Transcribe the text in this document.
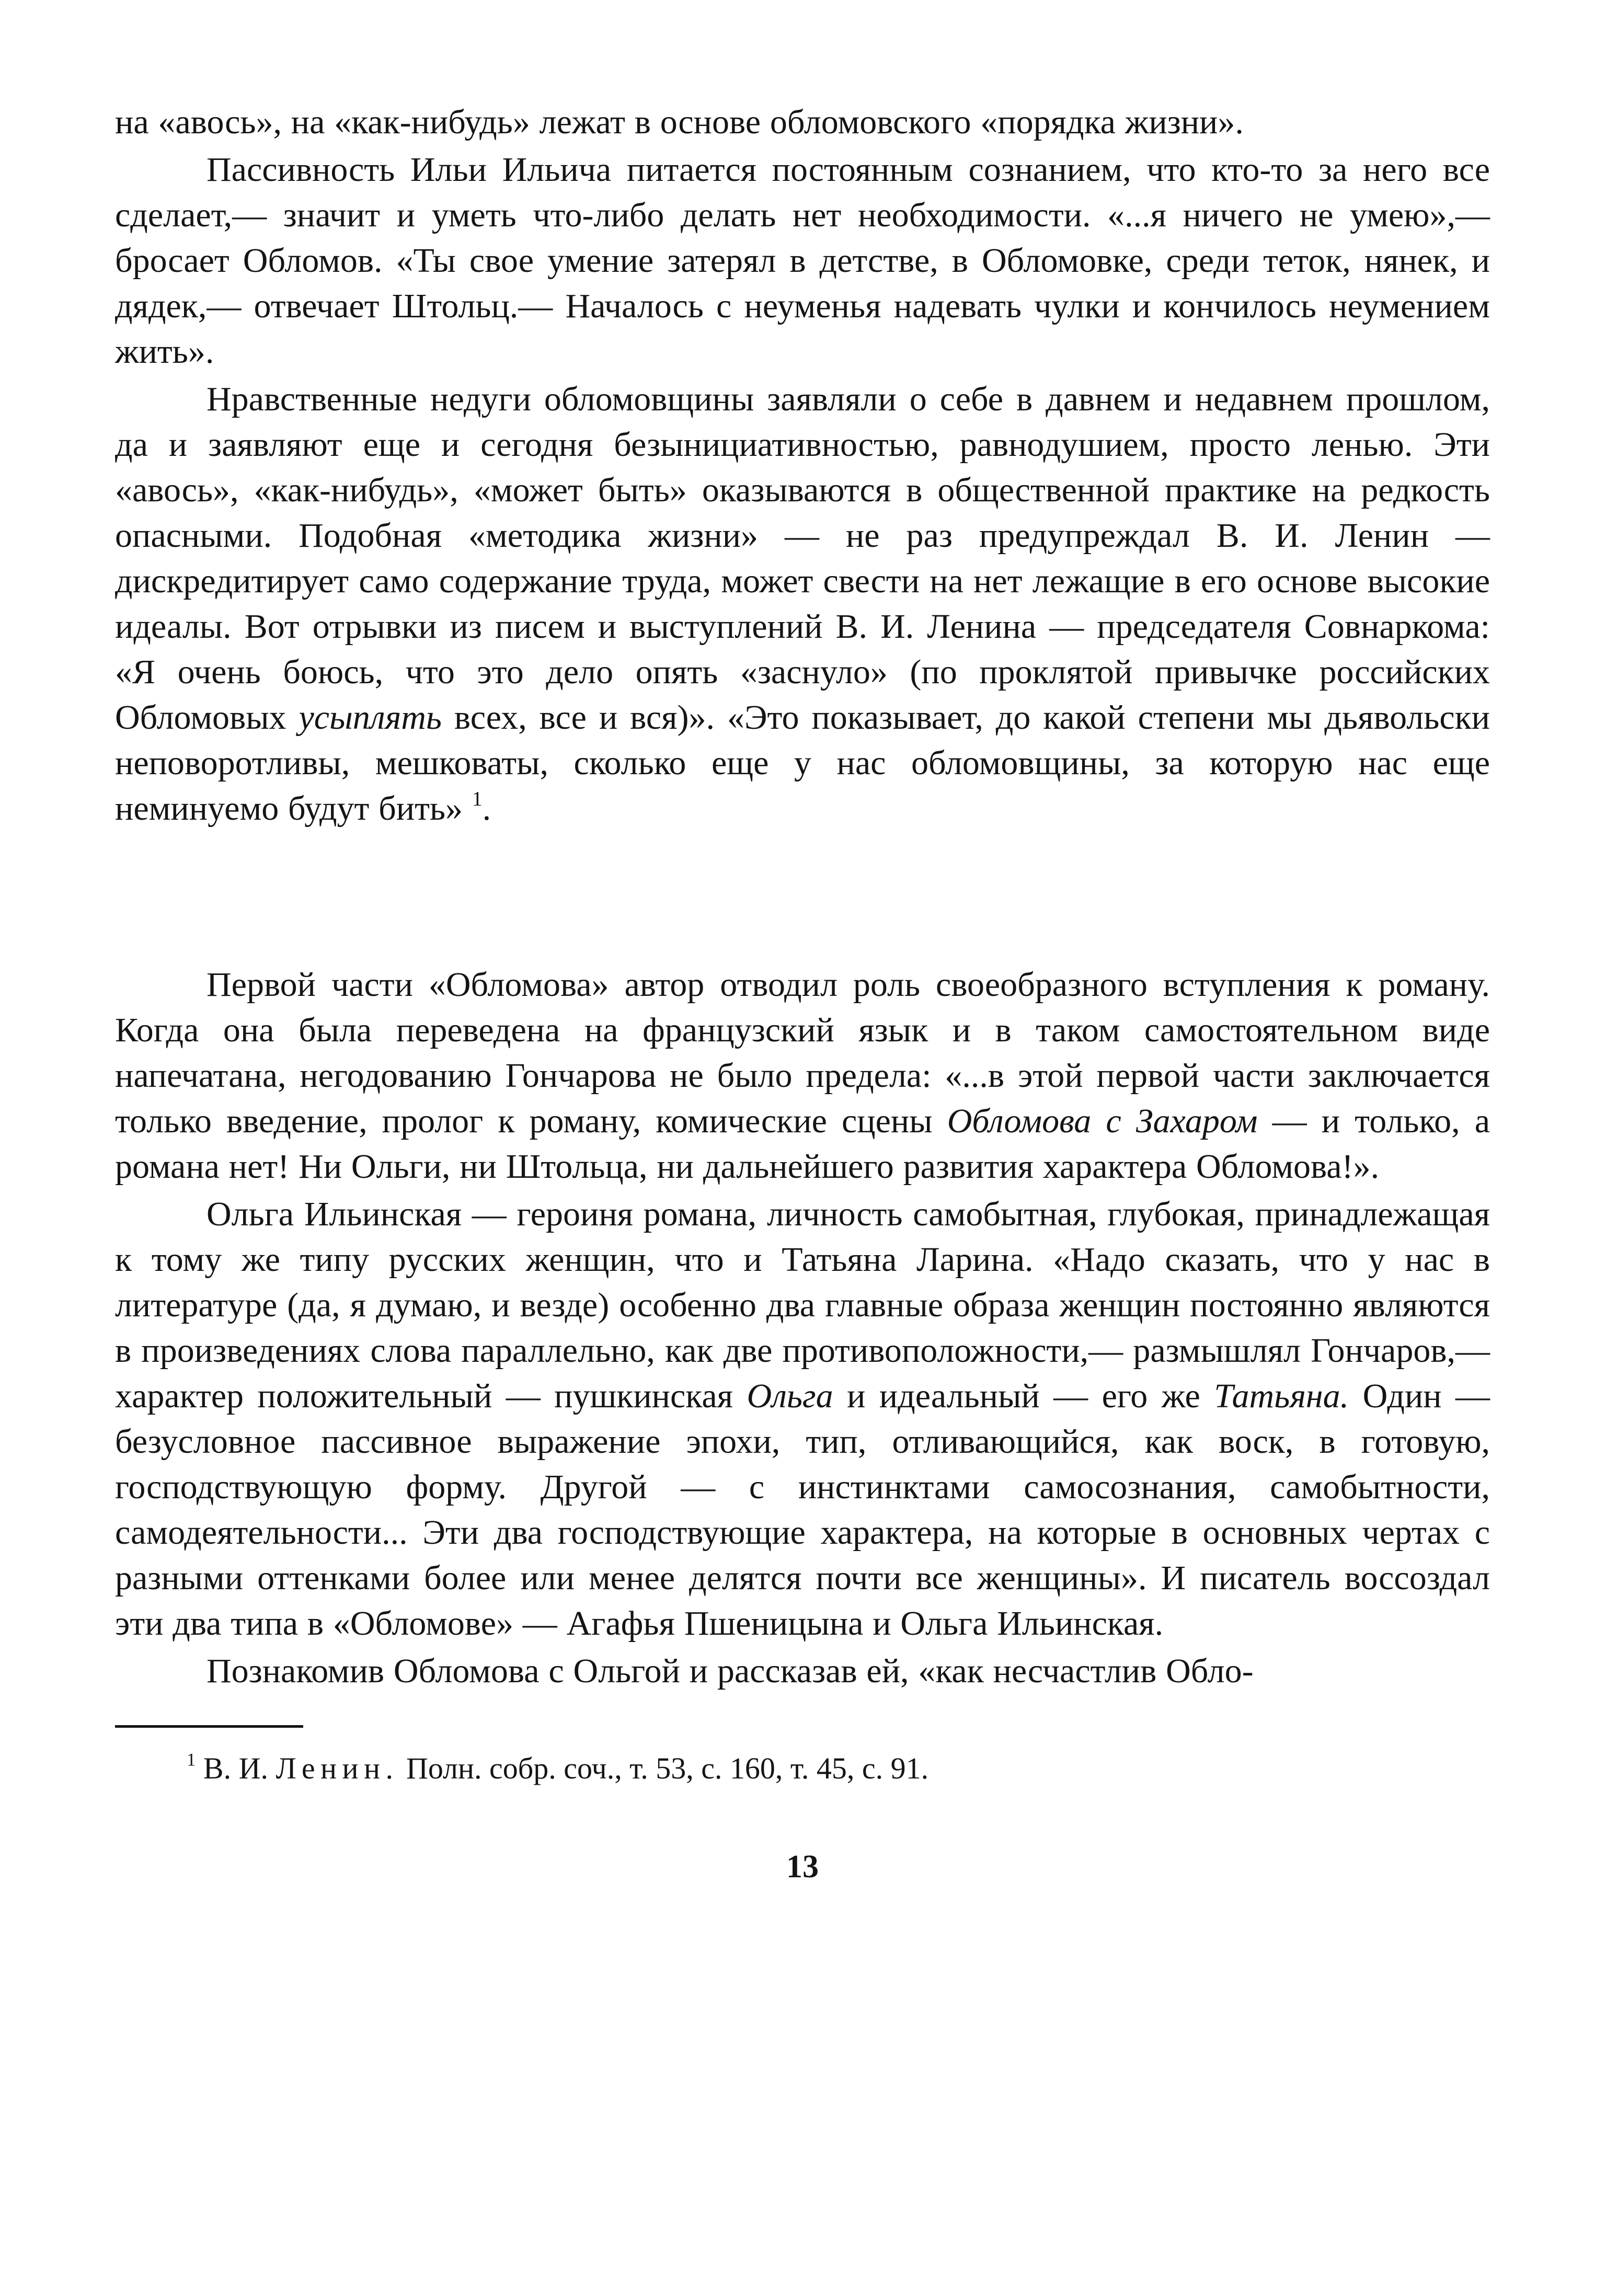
на «авось», на «как-нибудь» лежат в основе обломовского «порядка жизни».

Пассивность Ильи Ильича питается постоянным сознанием, что кто-то за него все сделает,— значит и уметь что-либо делать нет необходимости. «...я ничего не умею»,— бросает Обломов. «Ты свое умение затерял в детстве, в Обломовке, среди теток, нянек, и дядек,— отвечает Штольц.— Началось с неуменья надевать чулки и кончилось неумением жить».

Нравственные недуги обломовщины заявляли о себе в давнем и недавнем прошлом, да и заявляют еще и сегодня безынициативностью, равнодушием, просто ленью. Эти «авось», «как-нибудь», «может быть» оказываются в общественной практике на редкость опасными. Подобная «методика жизни» — не раз предупреждал В. И. Ленин — дискредитирует само содержание труда, может свести на нет лежащие в его основе высокие идеалы. Вот отрывки из писем и выступлений В. И. Ленина — председателя Совнаркома: «Я очень боюсь, что это дело опять «заснуло» (по проклятой привычке российских Обломовых усыплять всех, все и вся)». «Это показывает, до какой степени мы дьявольски неповоротливы, мешковаты, сколько еще у нас обломовщины, за которую нас еще неминуемо будут бить» $^1$.

Первой части «Обломова» автор отводил роль своеобразного вступления к роману. Когда она была переведена на французский язык и в таком самостоятельном виде напечатана, негодованию Гончарова не было предела: «...в этой первой части заключается только введение, пролог к роману, комические сцены Обломова с Захаром — и только, а романа нет! Ни Ольги, ни Штольца, ни дальнейшего развития характера Обломова!».

Ольга Ильинская — героиня романа, личность самобытная, глубокая, принадлежащая к тому же типу русских женщин, что и Татьяна Ларина. «Надо сказать, что у нас в литературе (да, я думаю, и везде) особенно два главные образа женщин постоянно являются в произведениях слова параллельно, как две противоположности,— размышлял Гончаров,— характер положительный — пушкинская Ольга и идеальный — его же Татьяна. Один — безусловное пассивное выражение эпохи, тип, отливающийся, как воск, в готовую, господствующую форму. Другой — с инстинктами самосознания, самобытности, самодеятельности... Эти два господствующие характера, на которые в основных чертах с разными оттенками более или менее делятся почти все женщины». И писатель воссоздал эти два типа в «Обломове» — Агафья Пшеницына и Ольга Ильинская.

Познакомив Обломова с Ольгой и рассказав ей, «как несчастлив Обло-

$^1$ В. И. Ленин. Полн. собр. соч., т. 53, с. 160, т. 45, с. 91.

13
